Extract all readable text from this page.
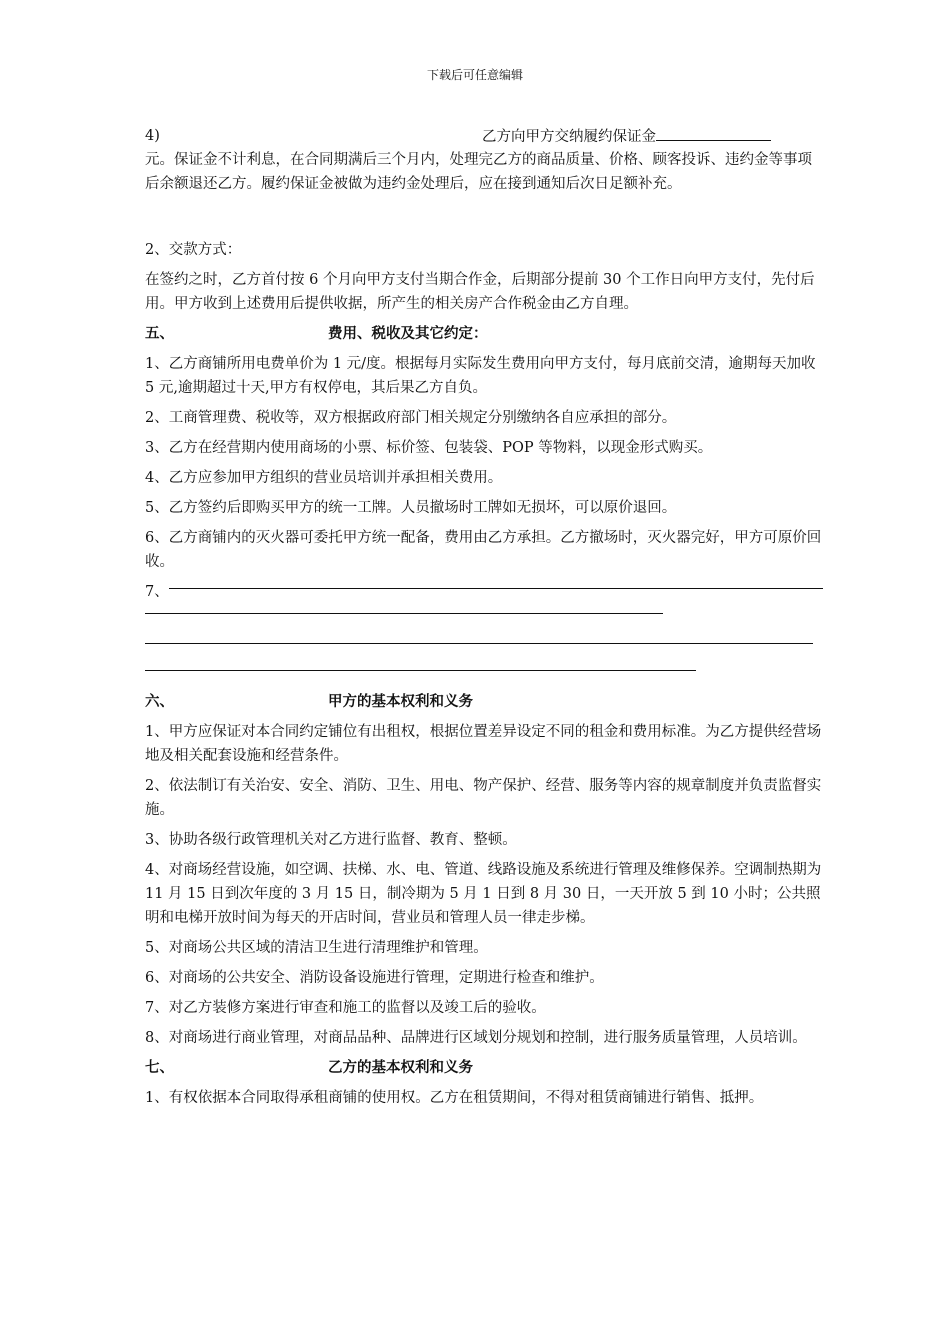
下载后可任意编辑
4)	乙方向甲方交纳履约保证金

元。保证金不计利息，在合同期满后三个月内，处理完乙方的商品质量、价格、顾客投诉、违约金等事项后余额退还乙方。履约保证金被做为违约金处理后，应在接到通知后次日足额补充。

2、交款方式：

在签约之时，乙方首付按 6 个月向甲方支付当期合作金，后期部分提前 30 个工作日向甲方支付，先付后用。甲方收到上述费用后提供收据，所产生的相关房产合作税金由乙方自理。

五、	费用、税收及其它约定：

1、乙方商铺所用电费单价为 1 元/度。根据每月实际发生费用向甲方支付，每月底前交清，逾期每天加收 5 元,逾期超过十天,甲方有权停电，其后果乙方自负。

2、工商管理费、税收等，双方根据政府部门相关规定分别缴纳各自应承担的部分。

3、乙方在经营期内使用商场的小票、标价签、包装袋、POP 等物料，以现金形式购买。

4、乙方应参加甲方组织的营业员培训并承担相关费用。

5、乙方签约后即购买甲方的统一工牌。人员撤场时工牌如无损坏，可以原价退回。

6、乙方商铺内的灭火器可委托甲方统一配备，费用由乙方承担。乙方撤场时，灭火器完好，甲方可原价回收。

7、
六、	甲方的基本权利和义务

1、甲方应保证对本合同约定铺位有出租权，根据位置差异设定不同的租金和费用标准。为乙方提供经营场地及相关配套设施和经营条件。

2、依法制订有关治安、安全、消防、卫生、用电、物产保护、经营、服务等内容的规章制度并负责监督实施。

3、协助各级行政管理机关对乙方进行监督、教育、整顿。

4、对商场经营设施，如空调、扶梯、水、电、管道、线路设施及系统进行管理及维修保养。空调制热期为 11 月 15 日到次年度的 3 月 15 日，制冷期为 5 月 1 日到 8 月 30 日，一天开放 5 到 10 小时；公共照明和电梯开放时间为每天的开店时间，营业员和管理人员一律走步梯。

5、对商场公共区域的清洁卫生进行清理维护和管理。

6、对商场的公共安全、消防设备设施进行管理，定期进行检查和维护。

7、对乙方装修方案进行审查和施工的监督以及竣工后的验收。

8、对商场进行商业管理，对商品品种、品牌进行区域划分规划和控制，进行服务质量管理，人员培训。

七、	乙方的基本权利和义务

1、有权依据本合同取得承租商铺的使用权。乙方在租赁期间，不得对租赁商铺进行销售、抵押。
